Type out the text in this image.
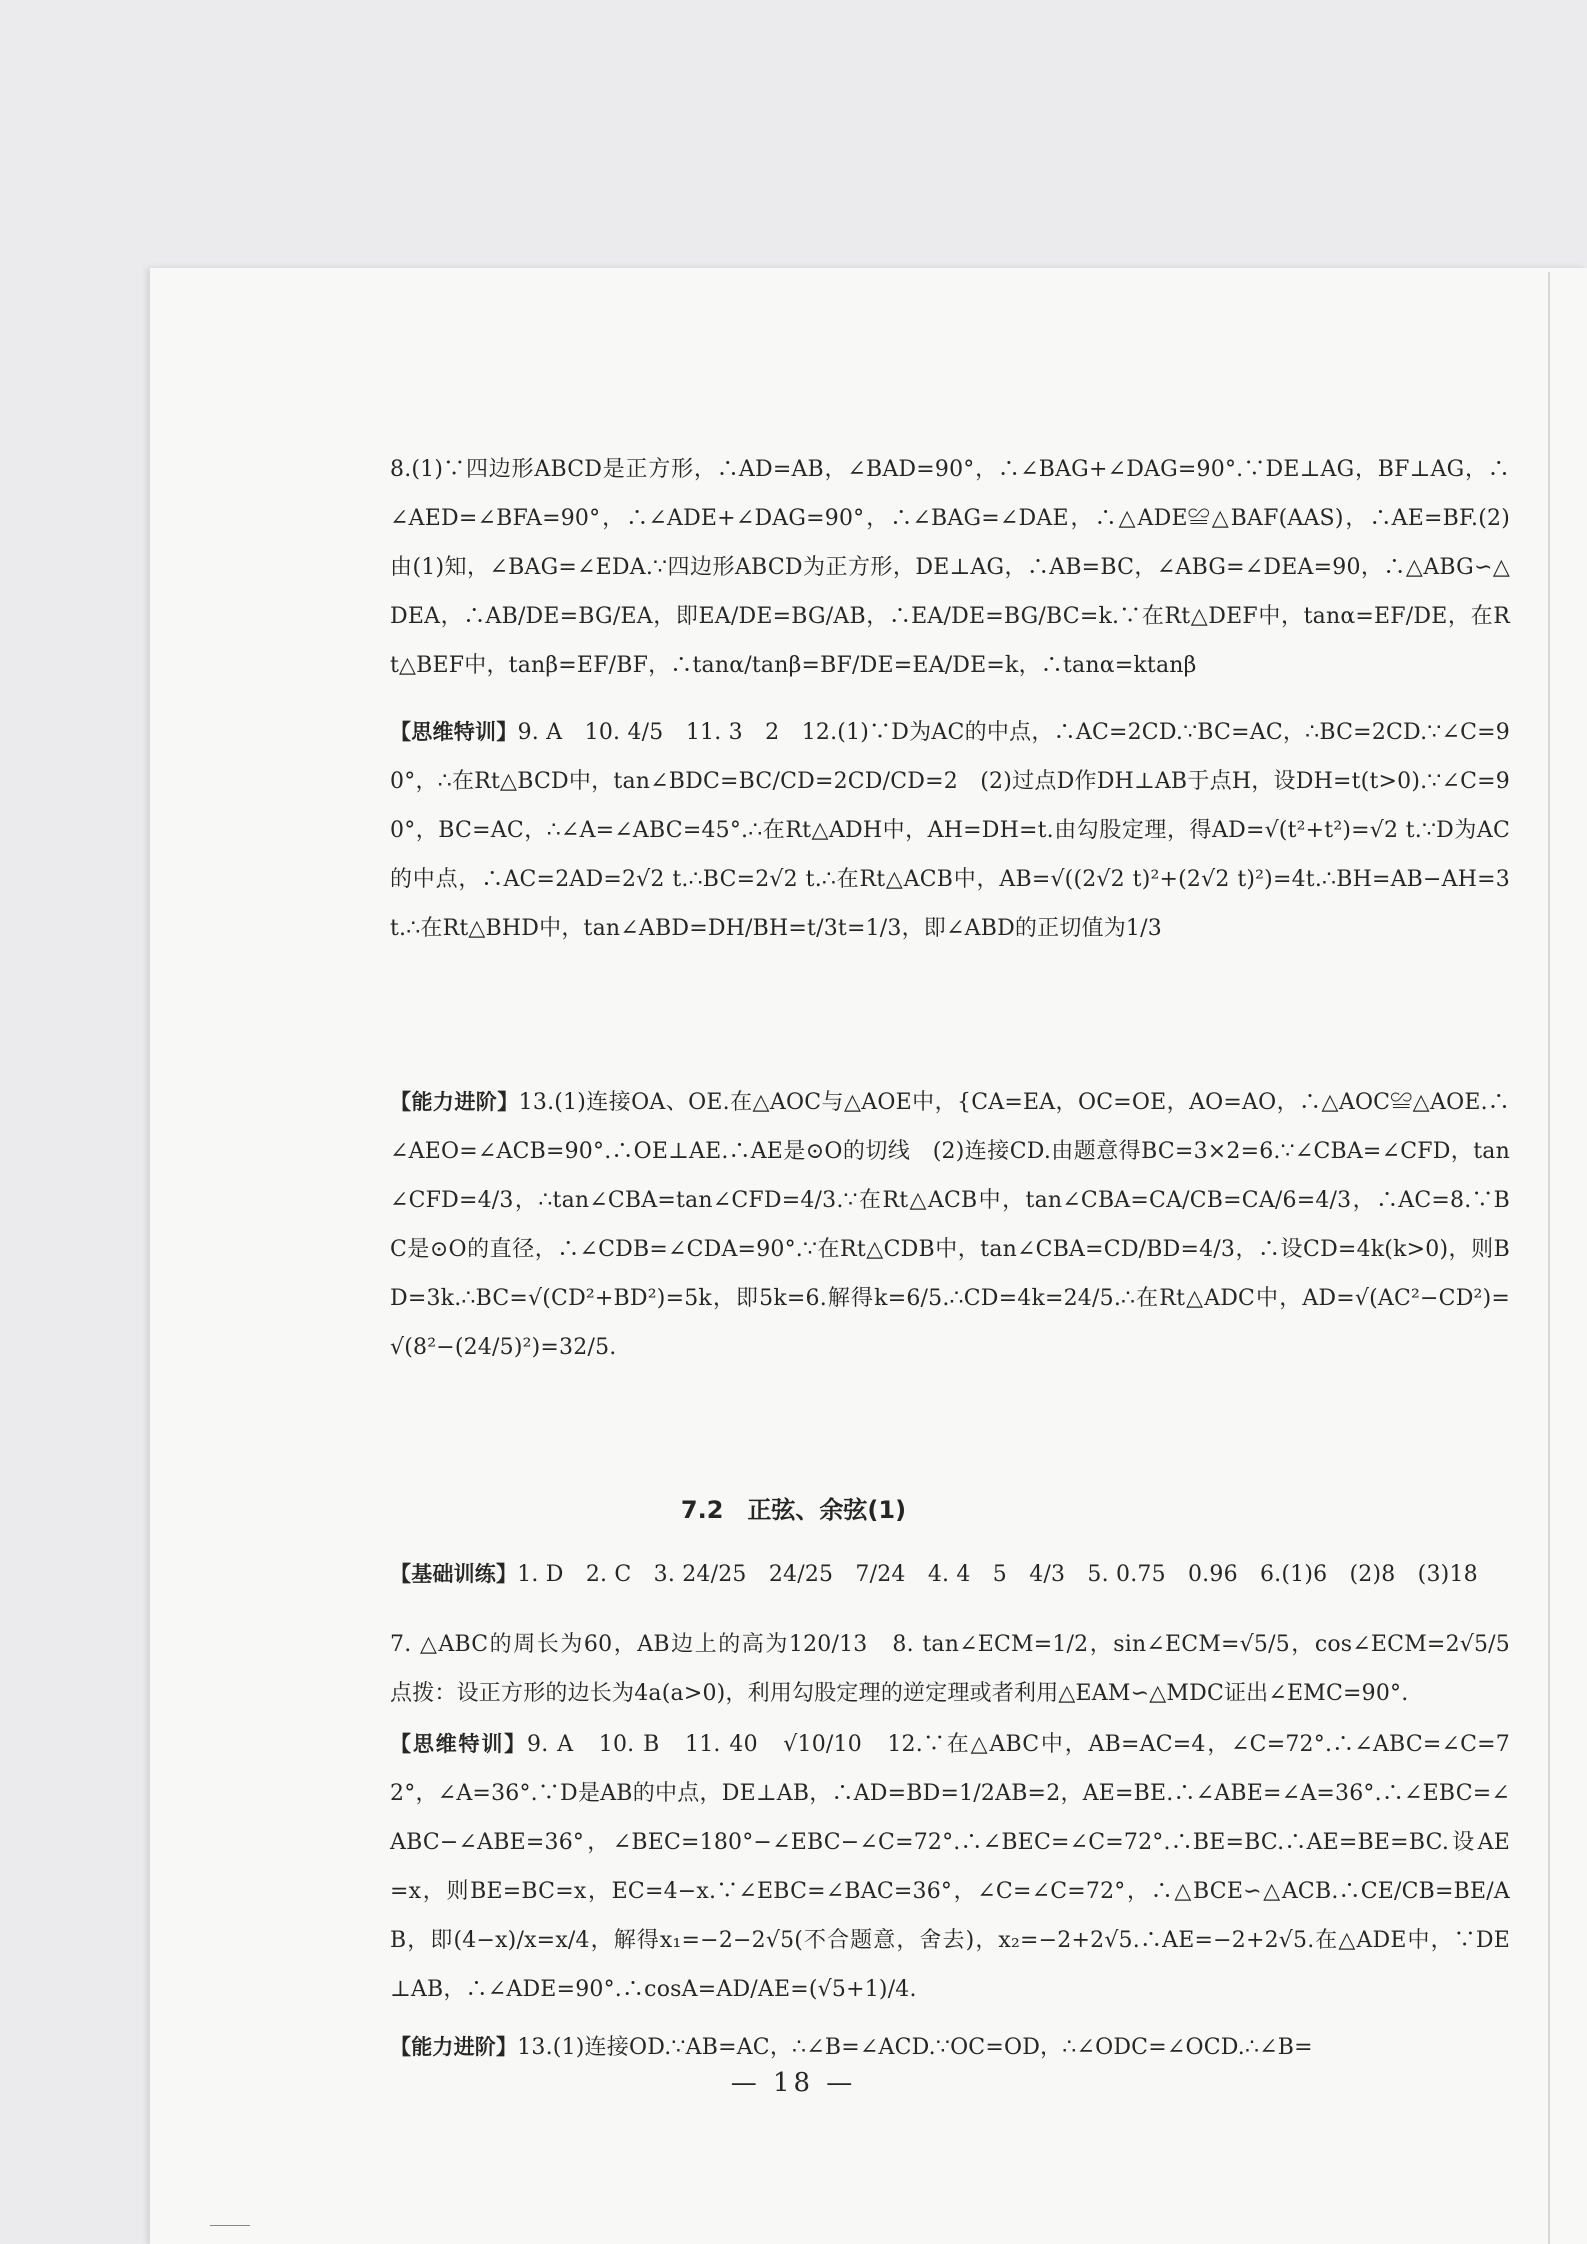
8.(1)∵四边形ABCD是正方形，∴AD=AB，∠BAD=90°，∴∠BAG+∠DAG=90°.∵DE⊥AG，BF⊥AG，∴∠AED=∠BFA=90°，∴∠ADE+∠DAG=90°，∴∠BAG=∠DAE，∴△ADE≌△BAF(AAS)，∴AE=BF.(2)由(1)知，∠BAG=∠EDA.∵四边形ABCD为正方形，DE⊥AG，∴AB=BC，∠ABG=∠DEA=90，∴△ABG∽△DEA，∴AB/DE=BG/EA，即EA/DE=BG/AB，∴EA/DE=BG/BC=k.∵在Rt△DEF中，tanα=EF/DE，在Rt△BEF中，tanβ=EF/BF，∴tanα/tanβ=BF/DE=EA/DE=k，∴tanα=ktanβ
【思维特训】9. A　10. 4/5　11. 3　2　12.(1)∵D为AC的中点，∴AC=2CD.∵BC=AC，∴BC=2CD.∵∠C=90°，∴在Rt△BCD中，tan∠BDC=BC/CD=2CD/CD=2　(2)过点D作DH⊥AB于点H，设DH=t(t>0).∵∠C=90°，BC=AC，∴∠A=∠ABC=45°.∴在Rt△ADH中，AH=DH=t.由勾股定理，得AD=√(t²+t²)=√2 t.∵D为AC的中点，∴AC=2AD=2√2 t.∴BC=2√2 t.∴在Rt△ACB中，AB=√((2√2 t)²+(2√2 t)²)=4t.∴BH=AB−AH=3t.∴在Rt△BHD中，tan∠ABD=DH/BH=t/3t=1/3，即∠ABD的正切值为1/3
【能力进阶】13.(1)连接OA、OE.在△AOC与△AOE中，{CA=EA，OC=OE，AO=AO，∴△AOC≌△AOE.∴∠AEO=∠ACB=90°.∴OE⊥AE.∴AE是⊙O的切线　(2)连接CD.由题意得BC=3×2=6.∵∠CBA=∠CFD，tan∠CFD=4/3，∴tan∠CBA=tan∠CFD=4/3.∵在Rt△ACB中，tan∠CBA=CA/CB=CA/6=4/3，∴AC=8.∵BC是⊙O的直径，∴∠CDB=∠CDA=90°.∵在Rt△CDB中，tan∠CBA=CD/BD=4/3，∴设CD=4k(k>0)，则BD=3k.∴BC=√(CD²+BD²)=5k，即5k=6.解得k=6/5.∴CD=4k=24/5.∴在Rt△ADC中，AD=√(AC²−CD²)=√(8²−(24/5)²)=32/5.
7.2　正弦、余弦(1)
【基础训练】1. D　2. C　3. 24/25　24/25　7/24　4. 4　5　4/3　5. 0.75　0.96　6.(1)6　(2)8　(3)18
7. △ABC的周长为60，AB边上的高为120/13　8. tan∠ECM=1/2，sin∠ECM=√5/5，cos∠ECM=2√5/5　点拨：设正方形的边长为4a(a>0)，利用勾股定理的逆定理或者利用△EAM∽△MDC证出∠EMC=90°.
【思维特训】9. A　10. B　11. 40　√10/10　12.∵在△ABC中，AB=AC=4，∠C=72°.∴∠ABC=∠C=72°，∠A=36°.∵D是AB的中点，DE⊥AB，∴AD=BD=1/2AB=2，AE=BE.∴∠ABE=∠A=36°.∴∠EBC=∠ABC−∠ABE=36°，∠BEC=180°−∠EBC−∠C=72°.∴∠BEC=∠C=72°.∴BE=BC.∴AE=BE=BC.设AE=x，则BE=BC=x，EC=4−x.∵∠EBC=∠BAC=36°，∠C=∠C=72°，∴△BCE∽△ACB.∴CE/CB=BE/AB，即(4−x)/x=x/4，解得x₁=−2−2√5(不合题意，舍去)，x₂=−2+2√5.∴AE=−2+2√5.在△ADE中，∵DE⊥AB，∴∠ADE=90°.∴cosA=AD/AE=(√5+1)/4.
【能力进阶】13.(1)连接OD.∵AB=AC，∴∠B=∠ACD.∵OC=OD，∴∠ODC=∠OCD.∴∠B=
— 18 —
